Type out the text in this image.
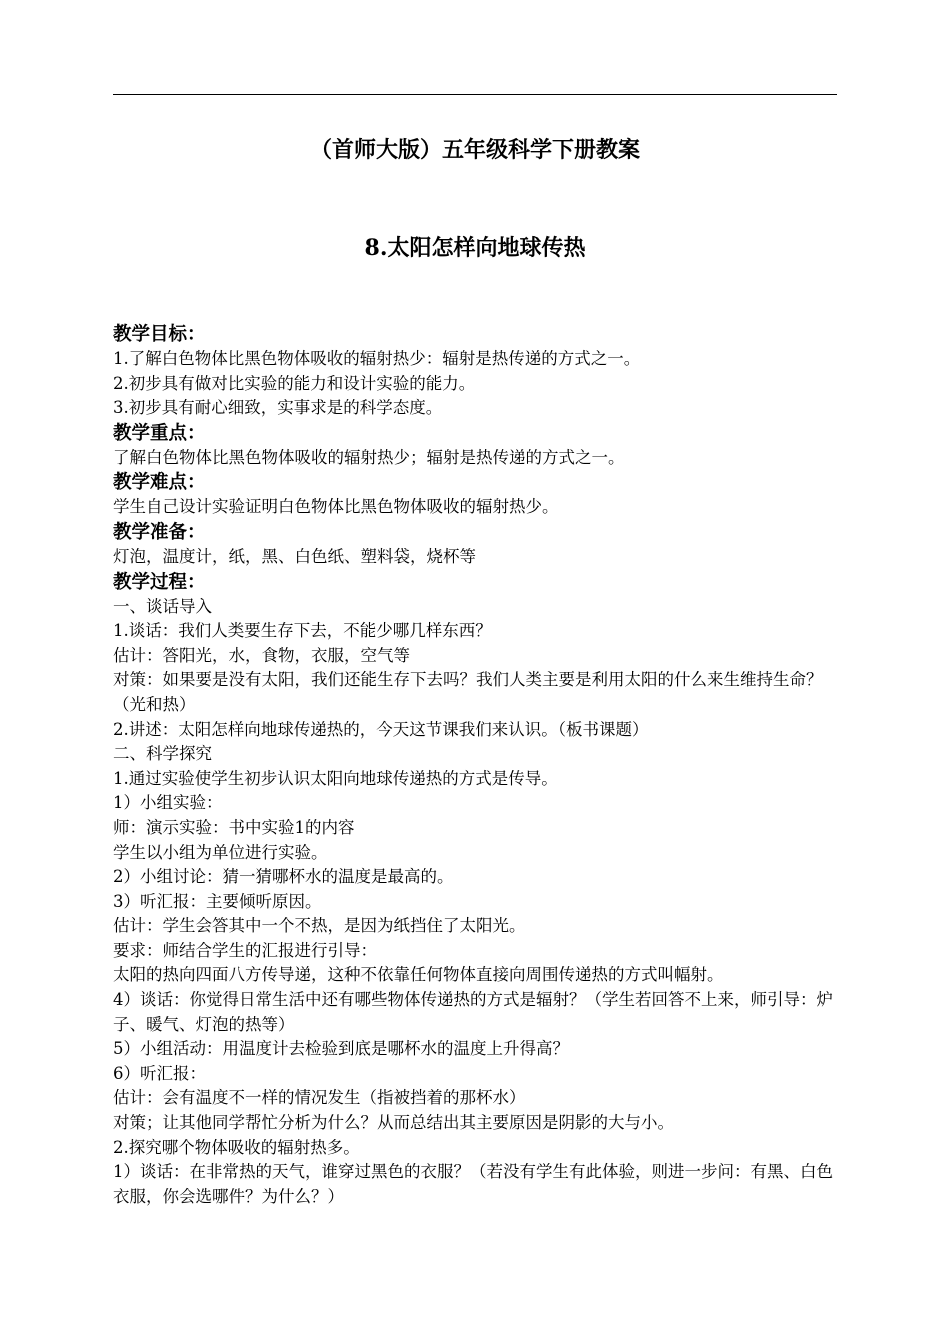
（首师大版）五年级科学下册教案
8.太阳怎样向地球传热
教学目标：
1.了解白色物体比黑色物体吸收的辐射热少：辐射是热传递的方式之一。
2.初步具有做对比实验的能力和设计实验的能力。
3.初步具有耐心细致，实事求是的科学态度。
教学重点：
了解白色物体比黑色物体吸收的辐射热少；辐射是热传递的方式之一。
教学难点：
学生自己设计实验证明白色物体比黑色物体吸收的辐射热少。
教学准备：
灯泡，温度计，纸，黑、白色纸、塑料袋，烧杯等
教学过程：
一、谈话导入
1.谈话：我们人类要生存下去，不能少哪几样东西？
估计：答阳光，水，食物，衣服，空气等
对策：如果要是没有太阳，我们还能生存下去吗？我们人类主要是利用太阳的什么来生维持生命？（光和热）
2.讲述：太阳怎样向地球传递热的，今天这节课我们来认识。（板书课题）
二、科学探究
1.通过实验使学生初步认识太阳向地球传递热的方式是传导。
1）小组实验：
师：演示实验：书中实验1的内容
学生以小组为单位进行实验。
2）小组讨论：猜一猜哪杯水的温度是最高的。
3）听汇报：主要倾听原因。
估计：学生会答其中一个不热，是因为纸挡住了太阳光。
要求：师结合学生的汇报进行引导：
太阳的热向四面八方传导递，这种不依靠任何物体直接向周围传递热的方式叫幅射。
4）谈话：你觉得日常生活中还有哪些物体传递热的方式是辐射？（学生若回答不上来，师引导：炉子、暖气、灯泡的热等）
5）小组活动：用温度计去检验到底是哪杯水的温度上升得高？
6）听汇报：
估计：会有温度不一样的情况发生（指被挡着的那杯水）
对策；让其他同学帮忙分析为什么？从而总结出其主要原因是阴影的大与小。
2.探究哪个物体吸收的辐射热多。
1）谈话：在非常热的天气，谁穿过黑色的衣服？（若没有学生有此体验，则进一步问：有黑、白色衣服，你会选哪件？为什么？）
